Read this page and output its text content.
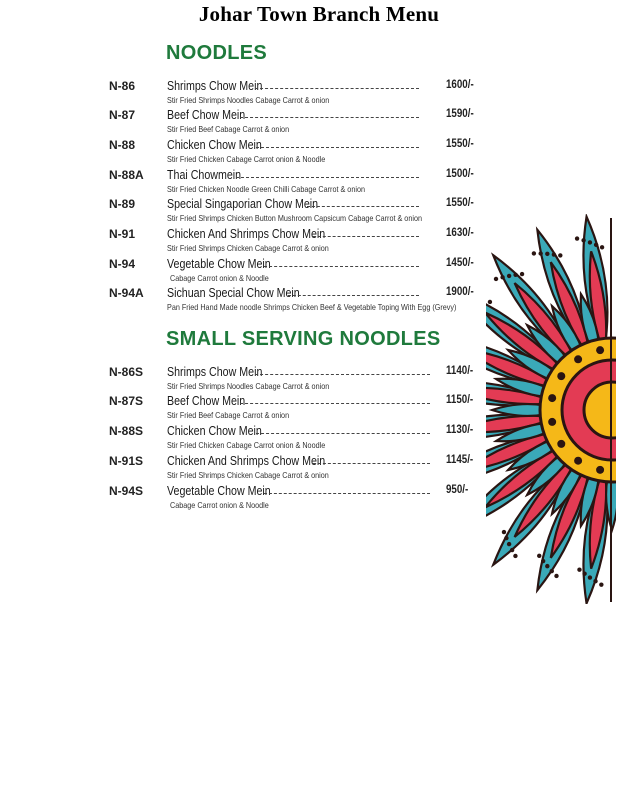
Johar Town Branch Menu
NOODLES
N-86 Shrimps Chow Mein	1600/-
Stir Fried Shrimps Noodles Cabage Carrot & onion
N-87 Beef Chow Mein	1590/-
Stir Fried Beef Cabage Carrot & onion
N-88 Chicken Chow Mein	1550/-
Stir Fried Chicken Cabage Carrot onion & Noodle
N-88A Thai Chowmein	1500/-
Stir Fried Chicken Noodle Green Chilli Cabage Carrot & onion
N-89 Special Singaporian Chow Mein	1550/-
Stir Fried Shrimps Chicken Button Mushroom Capsicum Cabage Carrot & onion
N-91 Chicken And Shrimps Chow Mein	1630/-
Stir Fried Shrimps Chicken Cabage Carrot & onion
N-94 Vegetable Chow Mein	1450/-
Cabage Carrot onion & Noodle
N-94A Sichuan Special Chow Mein	1900/-
Pan Fried Hand Made noodle Shrimps Chicken Beef & Vegetable Toping With Egg (Grevy)
SMALL SERVING NOODLES
N-86S Shrimps Chow Mein	1140/-
Stir Fried Shrimps Noodles Cabage Carrot & onion
N-87S Beef Chow Mein	1150/-
Stir Fried Beef Cabage Carrot & onion
N-88S Chicken Chow Mein	1130/-
Stir Fried Chicken Cabage Carrot onion & Noodle
N-91S Chicken And Shrimps Chow Mein	1145/-
Stir Fried Shrimps Chicken Cabage Carrot & onion
N-94S Vegetable Chow Mein	950/-
Cabage Carrot onion & Noodle
